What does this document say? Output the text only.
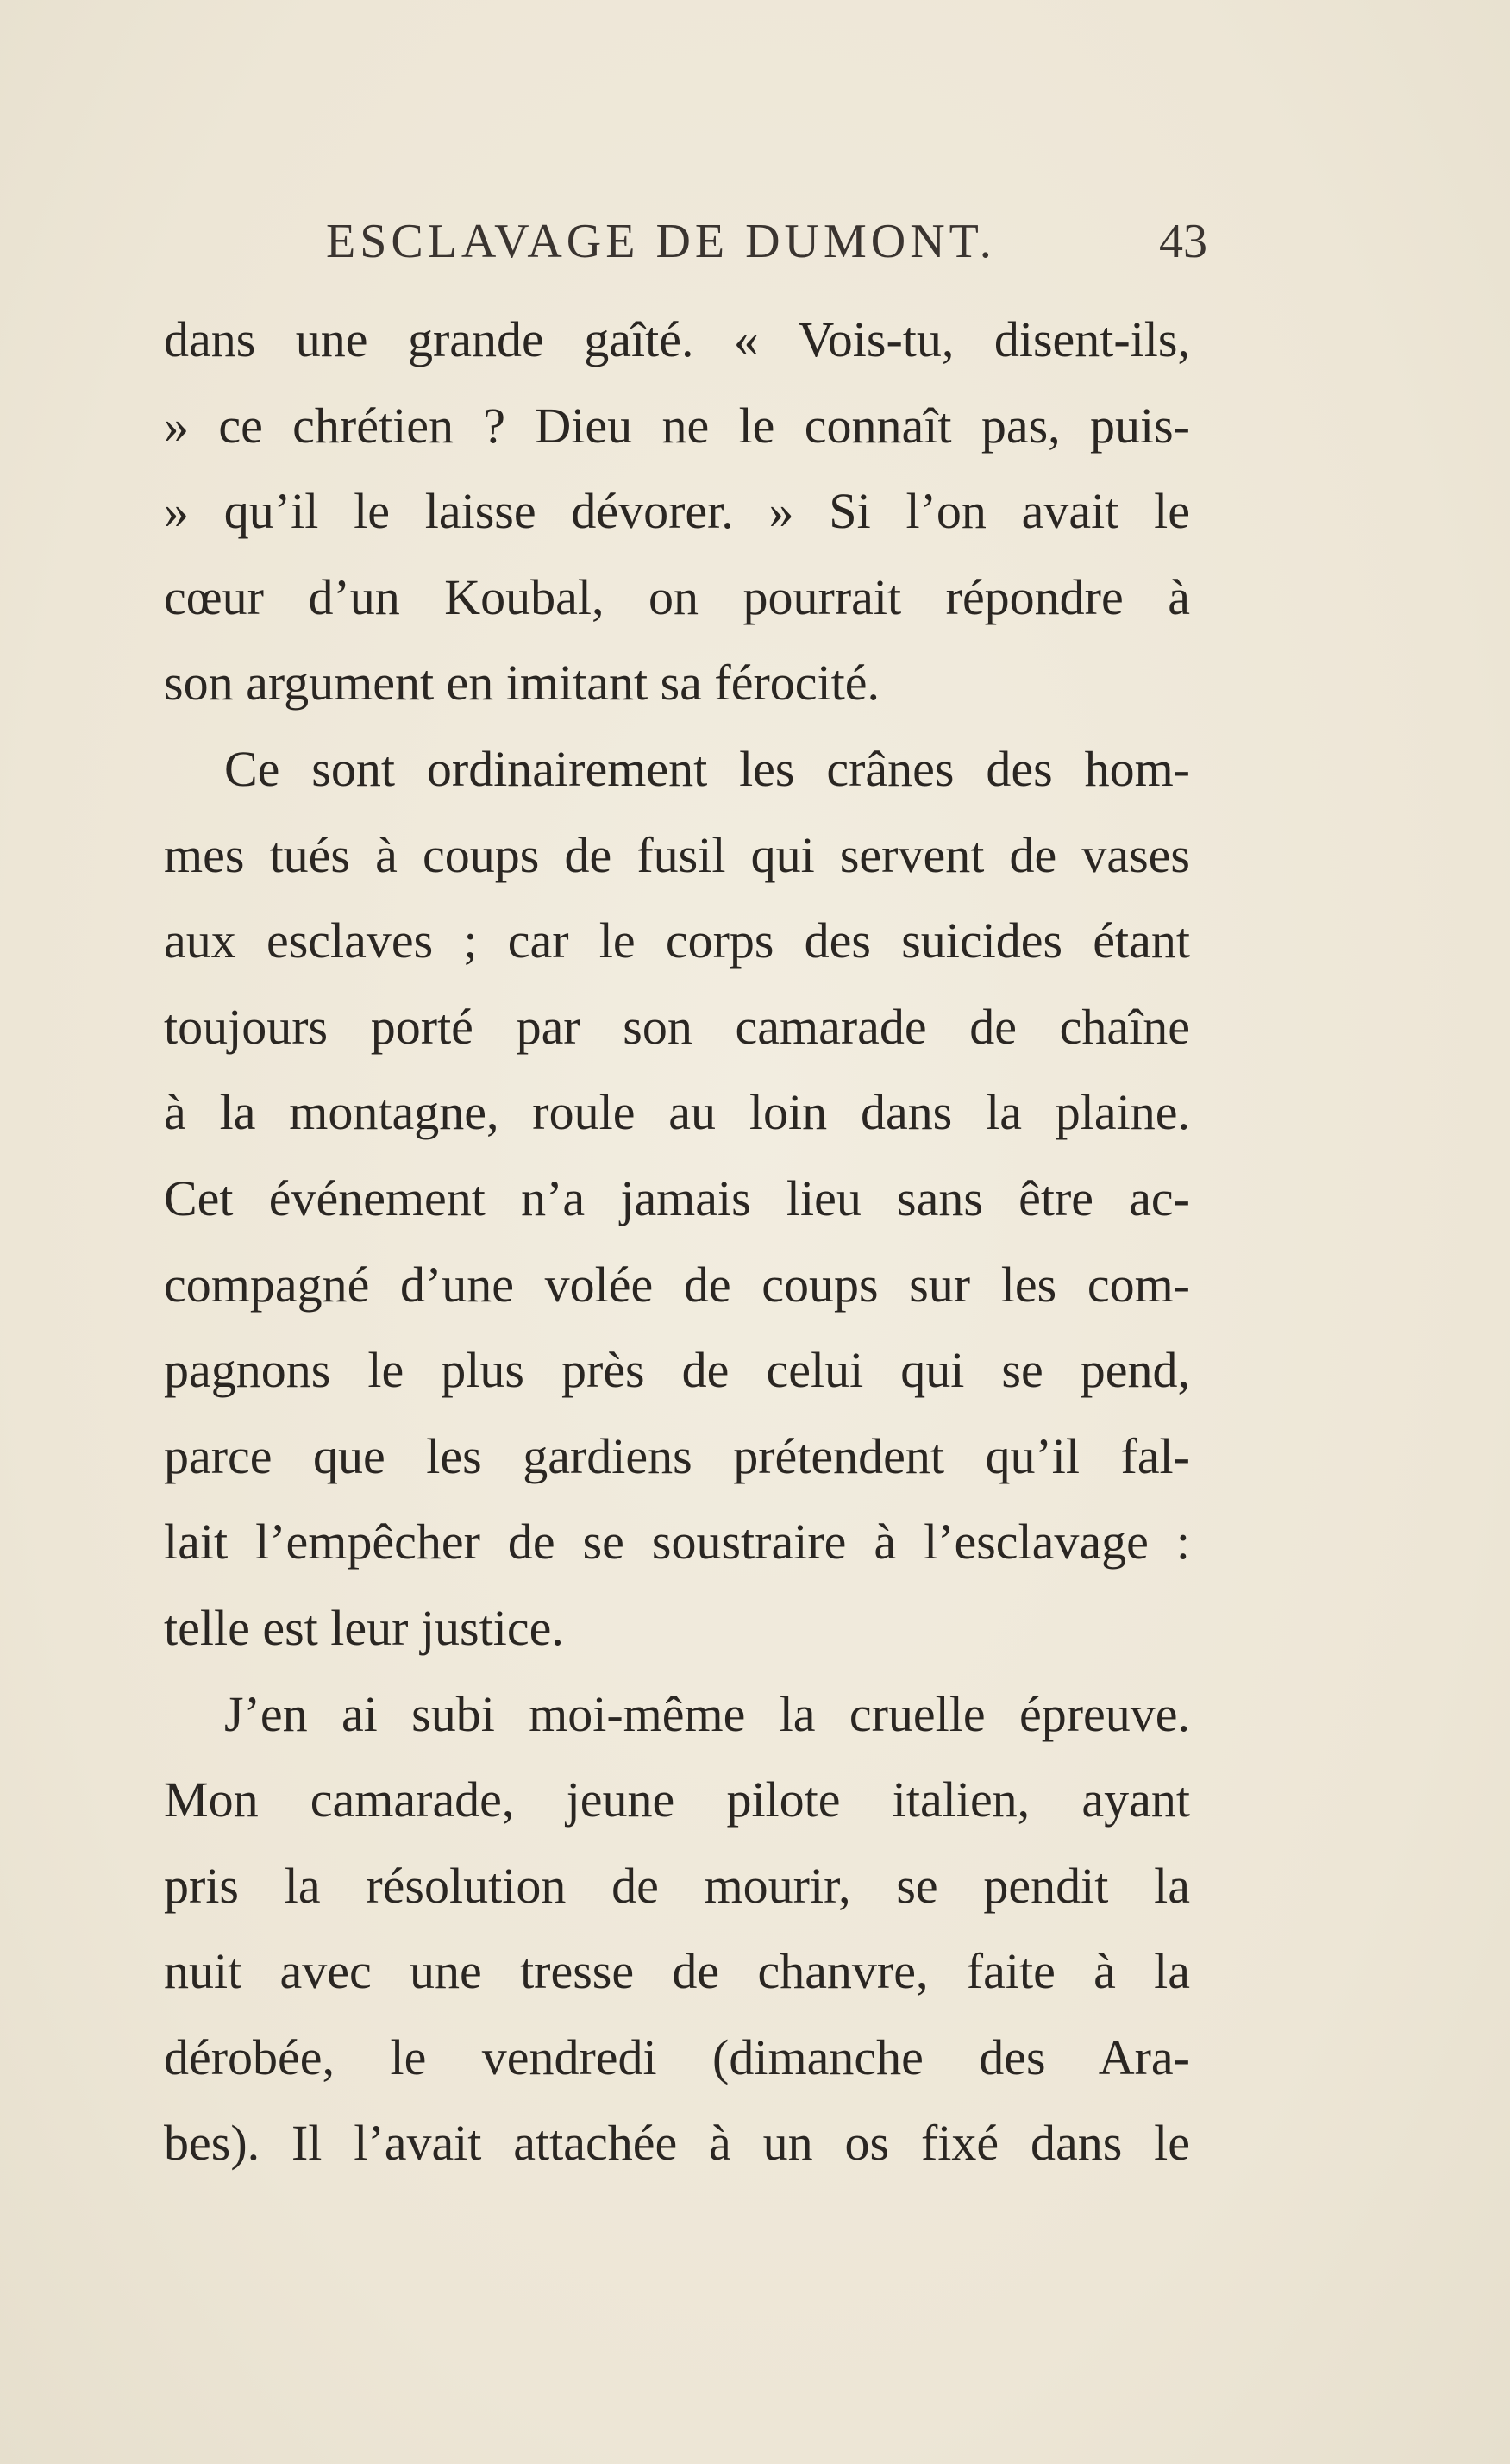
ESCLAVAGE DE DUMONT.	43
dans une grande gaîté. « Vois-tu, disent-ils,
» ce chrétien ? Dieu ne le connaît pas, puis-
» qu’il le laisse dévorer. » Si l’on avait le
cœur d’un Koubal, on pourrait répondre à
son argument en imitant sa férocité.
Ce sont ordinairement les crânes des hom-
mes tués à coups de fusil qui servent de vases
aux esclaves ; car le corps des suicides étant
toujours porté par son camarade de chaîne
à la montagne, roule au loin dans la plaine.
Cet événement n’a jamais lieu sans être ac-
compagné d’une volée de coups sur les com-
pagnons le plus près de celui qui se pend,
parce que les gardiens prétendent qu’il fal-
lait l’empêcher de se soustraire à l’esclavage :
telle est leur justice.
J’en ai subi moi-même la cruelle épreuve.
Mon camarade, jeune pilote italien, ayant
pris la résolution de mourir, se pendit la
nuit avec une tresse de chanvre, faite à la
dérobée, le vendredi (dimanche des Ara-
bes). Il l’avait attachée à un os fixé dans le
